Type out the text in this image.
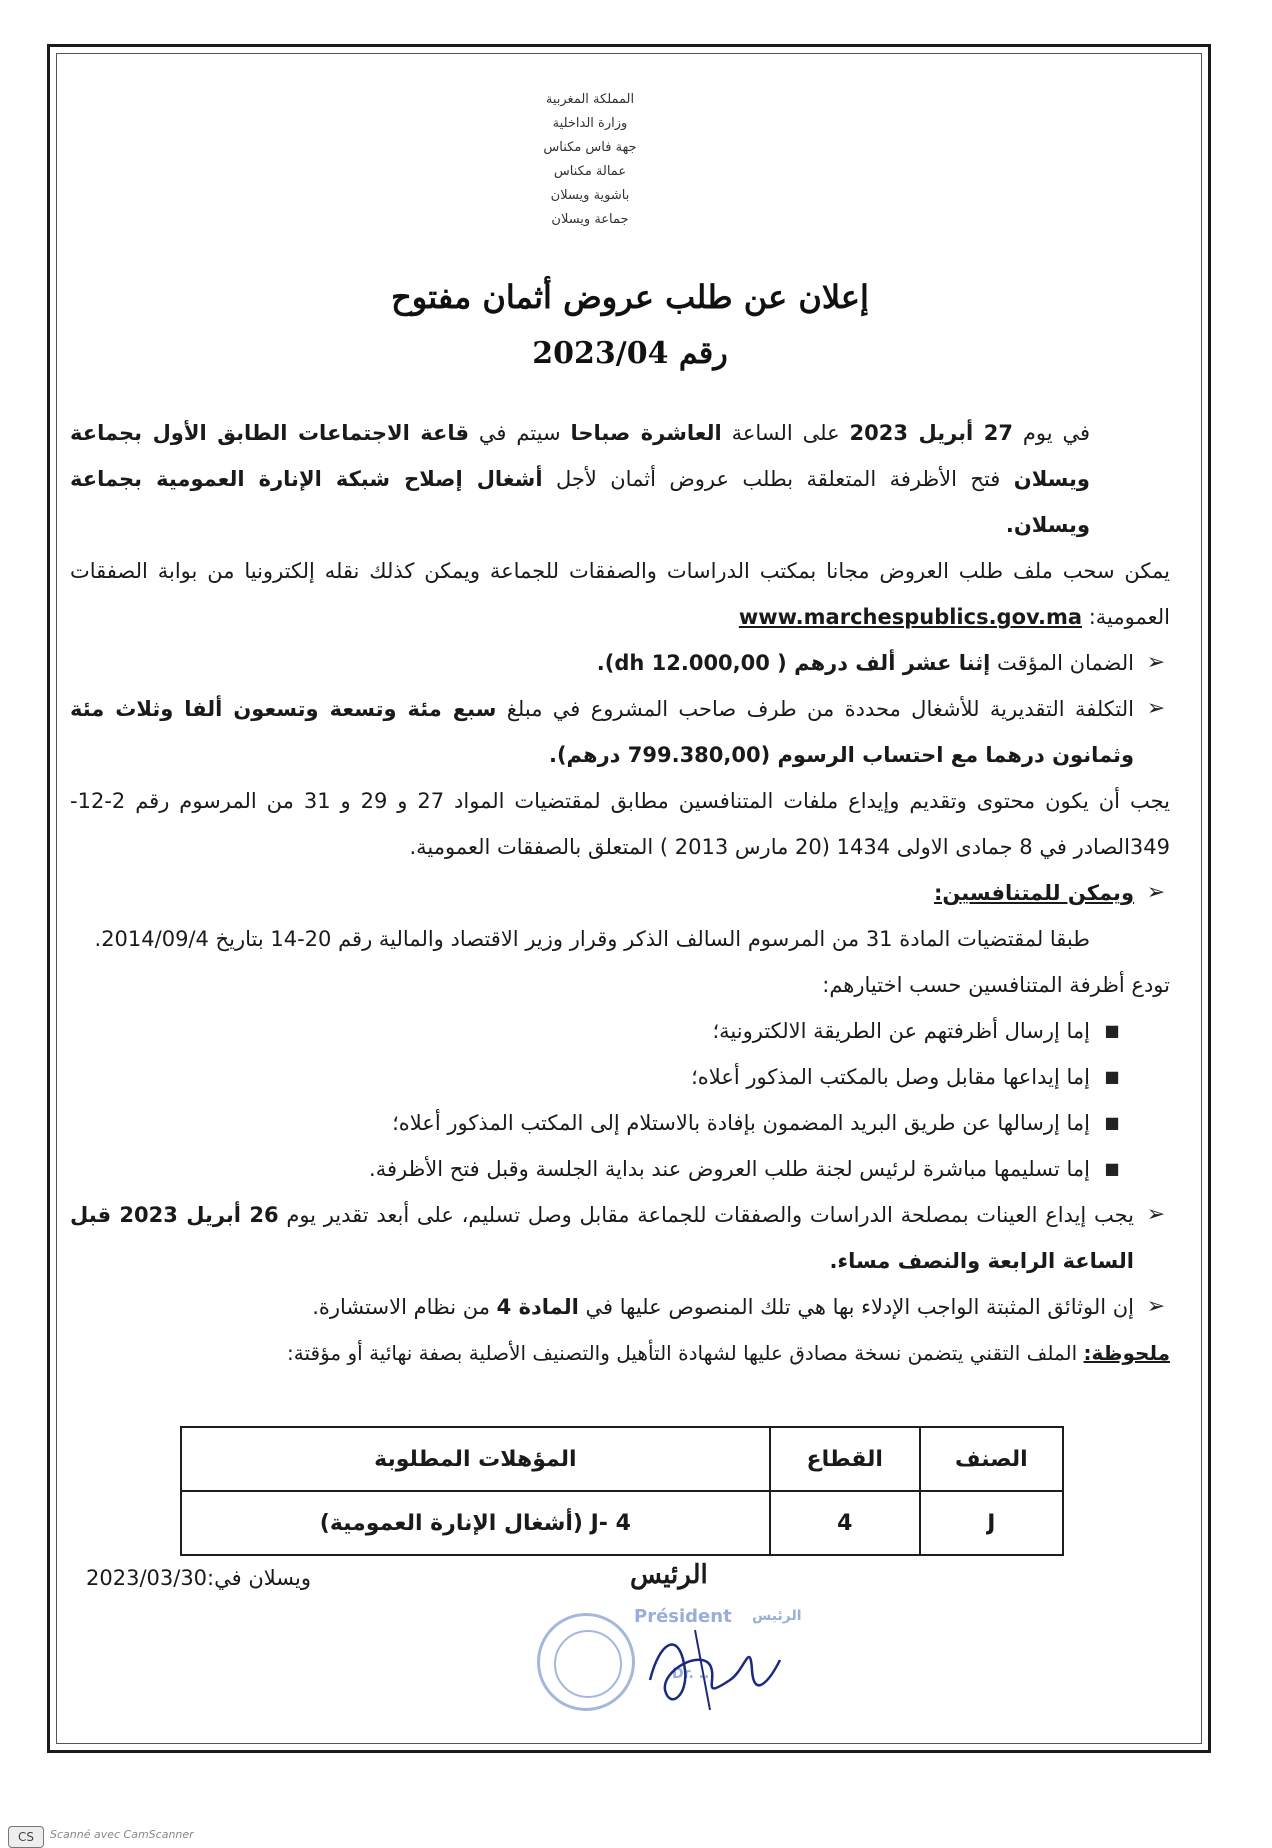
المملكة المغربية
وزارة الداخلية
جهة فاس مكناس
عمالة مكناس
باشوية ويسلان
جماعة ويسلان
إعلان عن طلب عروض أثمان مفتوح
رقم 2023/04

في يوم 27 أبريل 2023 على الساعة العاشرة صباحا سيتم في قاعة الاجتماعات الطابق الأول بجماعة ويسلان فتح الأظرفة المتعلقة بطلب عروض أثمان لأجل أشغال إصلاح شبكة الإنارة العمومية بجماعة ويسلان.

يمكن سحب ملف طلب العروض مجانا بمكتب الدراسات والصفقات للجماعة ويمكن كذلك نقله إلكترونيا من بوابة الصفقات العمومية: www.marchespublics.gov.ma

➢
الضمان المؤقت إثنا عشر ألف درهم ( 12.000,00 dh).

➢
التكلفة التقديرية للأشغال محددة من طرف صاحب المشروع في مبلغ سبع مئة وتسعة وتسعون ألفا وثلاث مئة وثمانون درهما مع احتساب الرسوم (799.380,00 درهم).

يجب أن يكون محتوى وتقديم وإيداع ملفات المتنافسين مطابق لمقتضيات المواد 27 و 29 و 31 من المرسوم رقم 2-12-349الصادر في 8 جمادى الاولى 1434 (20 مارس 2013 ) المتعلق بالصفقات العمومية.

➢
ويمكن للمتنافسين:

طبقا لمقتضيات المادة 31 من المرسوم السالف الذكر وقرار وزير الاقتصاد والمالية رقم 20-14 بتاريخ 2014/09/4.

تودع أظرفة المتنافسين حسب اختيارهم:

■
إما إرسال أظرفتهم عن الطريقة الالكترونية؛

■
إما إيداعها مقابل وصل بالمكتب المذكور أعلاه؛

■
إما إرسالها عن طريق البريد المضمون بإفادة بالاستلام إلى المكتب المذكور أعلاه؛

■
إما تسليمها مباشرة لرئيس لجنة طلب العروض عند بداية الجلسة وقبل فتح الأظرفة.

➢
يجب إيداع العينات بمصلحة الدراسات والصفقات للجماعة مقابل وصل تسليم، على أبعد تقدير يوم 26 أبريل 2023 قبل الساعة الرابعة والنصف مساء.

➢
إن الوثائق المثبتة الواجب الإدلاء بها هي تلك المنصوص عليها في المادة 4 من نظام الاستشارة.

ملحوظة: الملف التقني يتضمن نسخة مصادق عليها لشهادة التأهيل والتصنيف الأصلية بصفة نهائية أو مؤقتة:

الصنف	القطاع	المؤهلات المطلوبة
J	4	J- 4 (أشغال الإنارة العمومية)
الرئيس
ويسلان في:2023/03/30
Président الرئيس
Dr. ...
CS	Scanné avec CamScanner
